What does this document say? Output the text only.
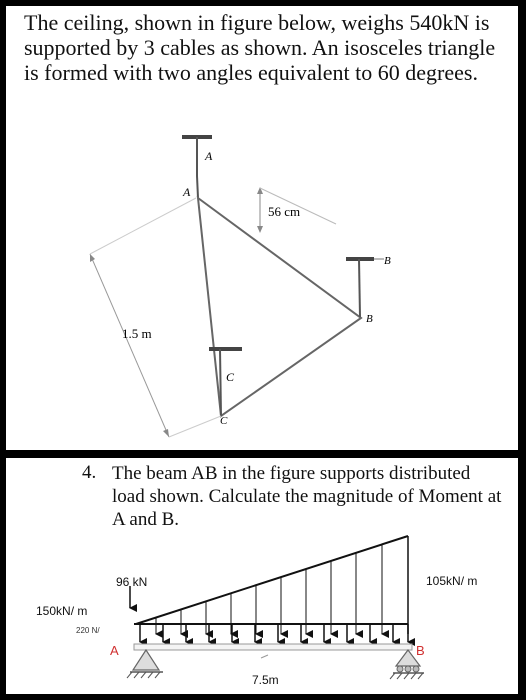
The ceiling, shown in figure below, weighs 540kN is supported by 3 cables as shown. An isosceles triangle is formed with two angles equivalent to 60 degrees.

A
A
B
B
C
C
56 cm
1.5 m
4. The beam AB in the figure supports distributed load shown. Calculate the magnitude of Moment at A and B.

96 kN
150kN/ m
220 N/
105kN/ m
A	B
7.5m
